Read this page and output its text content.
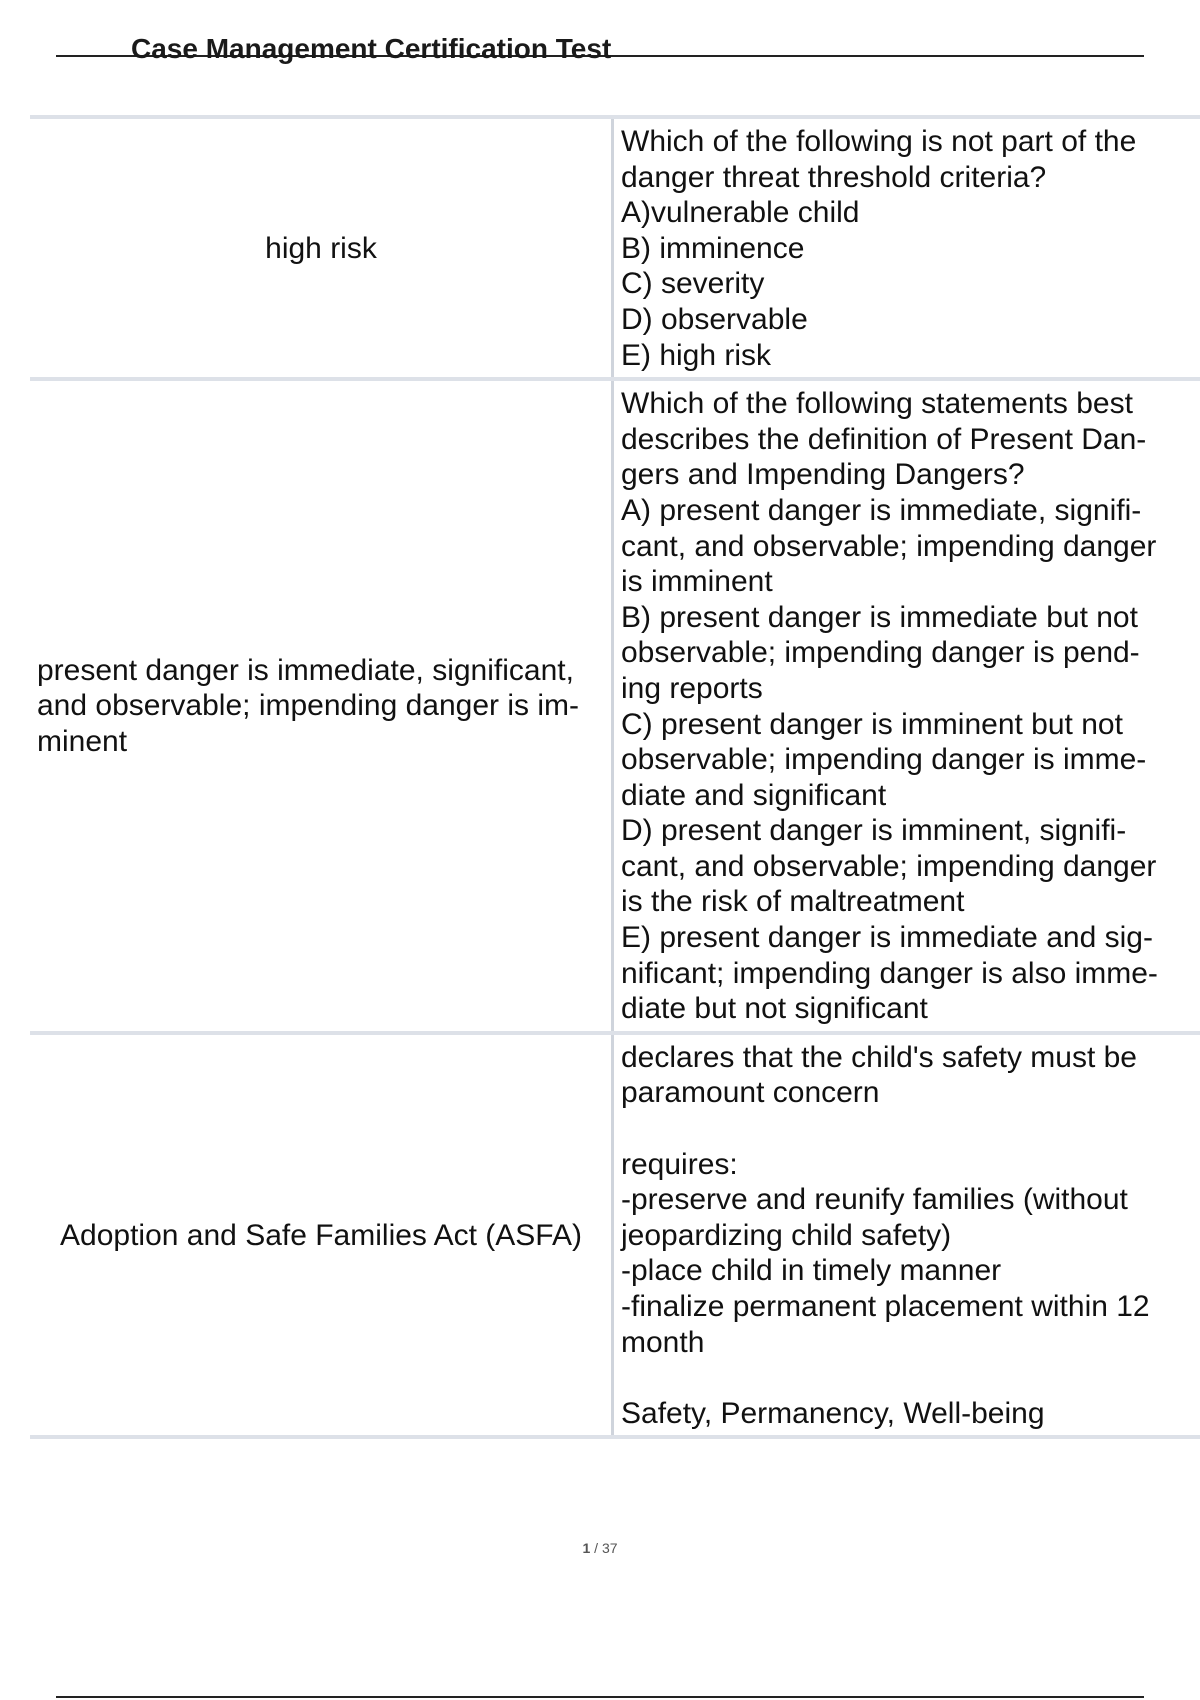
Case Management Certification Test
high risk
Which of the following is not part of the
danger threat threshold criteria?
A)vulnerable child
B) imminence
C) severity
D) observable
E) high risk
present danger is immediate, significant,
and observable; impending danger is im-
minent
Which of the following statements best
describes the definition of Present Dan-
gers and Impending Dangers?
A) present danger is immediate, signifi-
cant, and observable; impending danger
is imminent
B) present danger is immediate but not
observable; impending danger is pend-
ing reports
C) present danger is imminent but not
observable; impending danger is imme-
diate and significant
D) present danger is imminent, signifi-
cant, and observable; impending danger
is the risk of maltreatment
E) present danger is immediate and sig-
nificant; impending danger is also imme-
diate but not significant
Adoption and Safe Families Act (ASFA)
declares that the child's safety must be
paramount concern
requires:
-preserve and reunify families (without
jeopardizing child safety)
-place child in timely manner
-finalize permanent placement within 12
month
Safety, Permanency, Well-being
1 / 37
